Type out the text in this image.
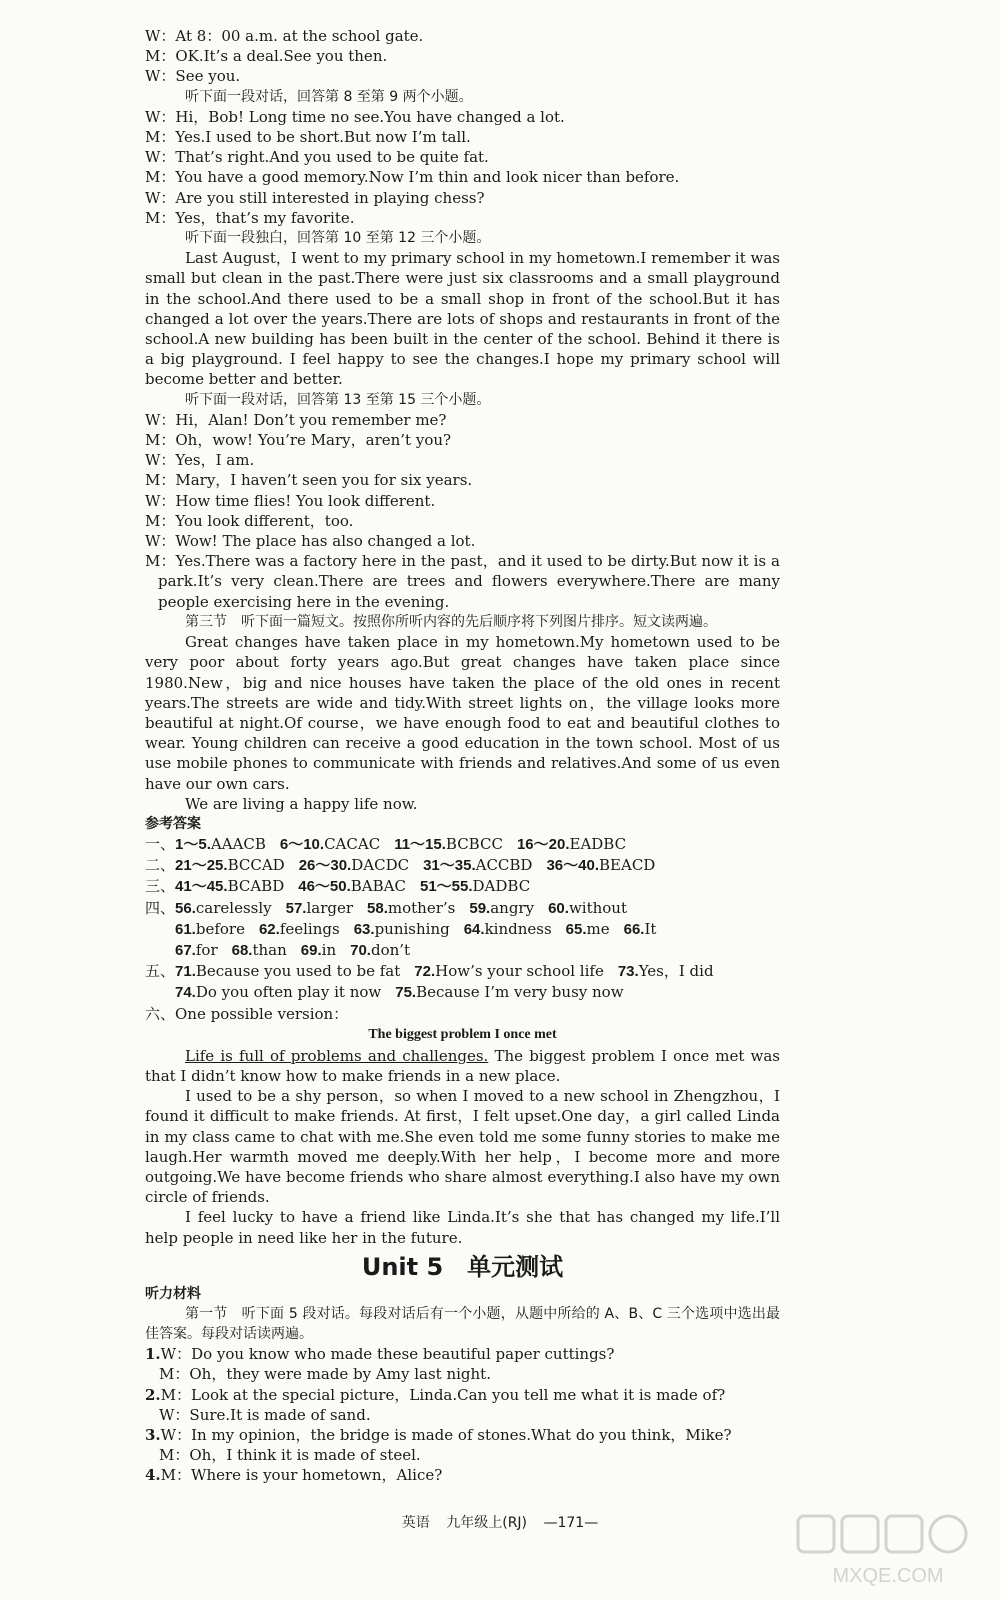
W：At 8：00 a.m. at the school gate.
M：OK.It’s a deal.See you then.
W：See you.
听下面一段对话，回答第 8 至第 9 两个小题。
W：Hi，Bob! Long time no see.You have changed a lot.
M：Yes.I used to be short.But now I’m tall.
W：That’s right.And you used to be quite fat.
M：You have a good memory.Now I’m thin and look nicer than before.
W：Are you still interested in playing chess?
M：Yes，that’s my favorite.
听下面一段独白，回答第 10 至第 12 三个小题。
Last August，I went to my primary school in my hometown.I remember it was small but clean in the past.There were just six classrooms and a small playground in the school.And there used to be a small shop in front of the school.But it has changed a lot over the years.There are lots of shops and restaurants in front of the school.A new building has been built in the center of the school. Behind it there is a big playground. I feel happy to see the changes.I hope my primary school will become better and better.
听下面一段对话，回答第 13 至第 15 三个小题。
W：Hi，Alan! Don’t you remember me?
M：Oh，wow! You’re Mary，aren’t you?
W：Yes，I am.
M：Mary，I haven’t seen you for six years.
W：How time flies! You look different.
M：You look different，too.
W：Wow! The place has also changed a lot.
M：Yes.There was a factory here in the past，and it used to be dirty.But now it is a park.It’s very clean.There are trees and flowers everywhere.There are many people exercising here in the evening.
第三节　听下面一篇短文。按照你所听内容的先后顺序将下列图片排序。短文读两遍。
Great changes have taken place in my hometown.My hometown used to be very poor about forty years ago.But great changes have taken place since 1980.New，big and nice houses have taken the place of the old ones in recent years.The streets are wide and tidy.With street lights on，the village looks more beautiful at night.Of course，we have enough food to eat and beautiful clothes to wear. Young children can receive a good education in the town school. Most of us use mobile phones to communicate with friends and relatives.And some of us even have our own cars.
We are living a happy life now.
参考答案
一、1～5.AAACB 6～10.CACAC 11～15.BCBCC 16～20.EADBC
二、21～25.BCCAD 26～30.DACDC 31～35.ACCBD 36～40.BEACD
三、41～45.BCABD 46～50.BABAC 51～55.DADBC
四、56.carelessly 57.larger 58.mother’s 59.angry 60.without
61.before 62.feelings 63.punishing 64.kindness 65.me 66.It
67.for 68.than 69.in 70.don’t
五、71.Because you used to be fat 72.How’s your school life 73.Yes，I did
74.Do you often play it now 75.Because I’m very busy now
六、One possible version：
The biggest problem I once met
Life is full of problems and challenges. The biggest problem I once met was that I didn’t know how to make friends in a new place.
I used to be a shy person，so when I moved to a new school in Zhengzhou，I found it difficult to make friends. At first，I felt upset.One day，a girl called Linda in my class came to chat with me.She even told me some funny stories to make me laugh.Her warmth moved me deeply.With her help，I become more and more outgoing.We have become friends who share almost everything.I also have my own circle of friends.
I feel lucky to have a friend like Linda.It’s she that has changed my life.I’ll help people in need like her in the future.
Unit 5　单元测试
听力材料
第一节　听下面 5 段对话。每段对话后有一个小题，从题中所给的 A、B、C 三个选项中选出最佳答案。每段对话读两遍。
1.W：Do you know who made these beautiful paper cuttings?
M：Oh，they were made by Amy last night.
2.M：Look at the special picture，Linda.Can you tell me what it is made of?
W：Sure.It is made of sand.
3.W：In my opinion，the bridge is made of stones.What do you think，Mike?
M：Oh，I think it is made of steel.
4.M：Where is your hometown，Alice?
英语 九年级上(RJ) —171—
MXQE.COM
